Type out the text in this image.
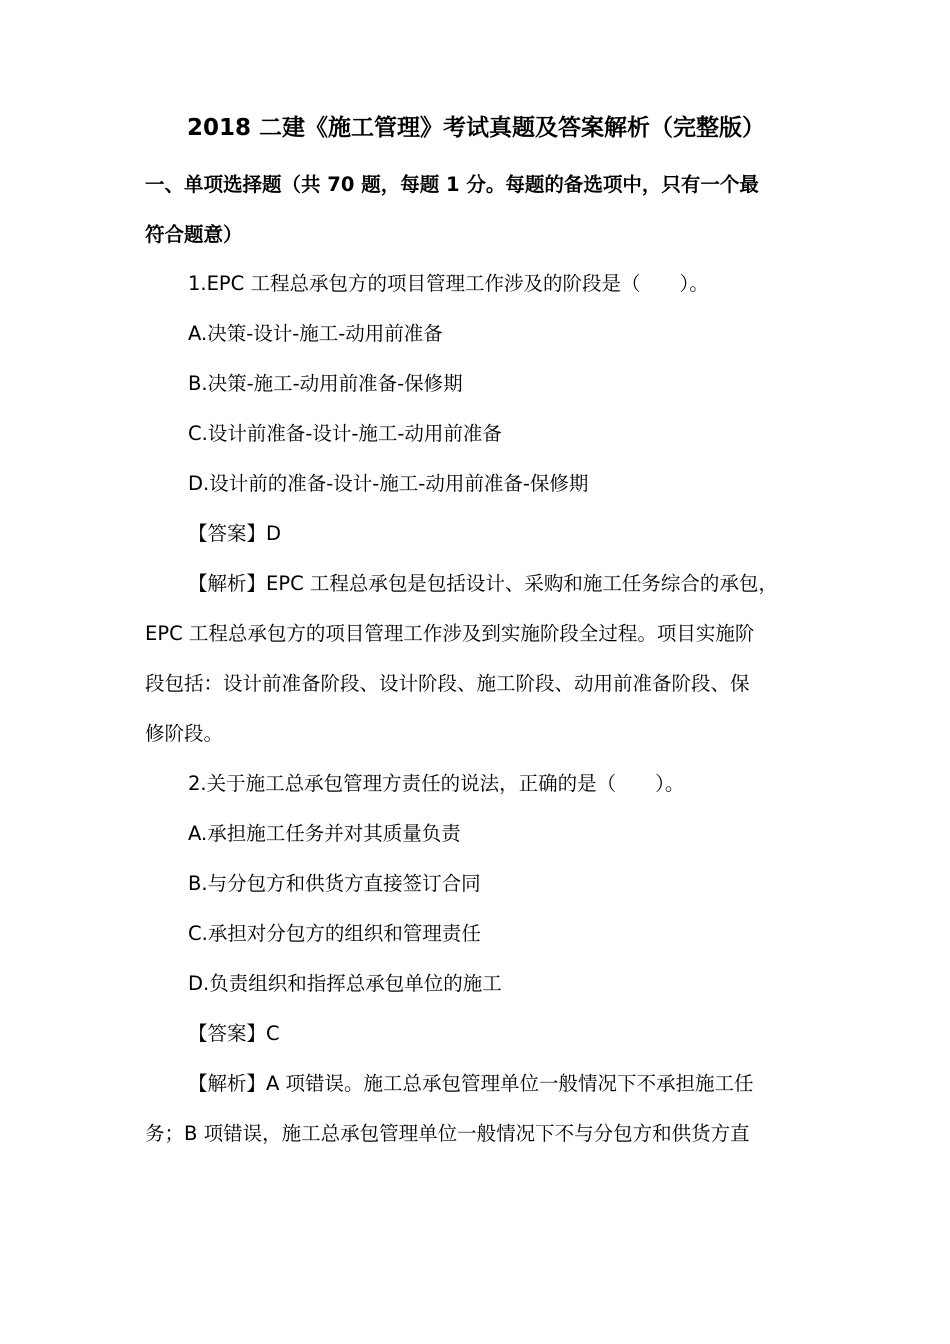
2018 二建《施工管理》考试真题及答案解析（完整版）
一、单项选择题（共 70 题，每题 1 分。每题的备选项中，只有一个最
符合题意）

1.EPC 工程总承包方的项目管理工作涉及的阶段是（　　）。

A.决策-设计-施工-动用前准备

B.决策-施工-动用前准备-保修期

C.设计前准备-设计-施工-动用前准备

D.设计前的准备-设计-施工-动用前准备-保修期

【答案】D

【解析】EPC 工程总承包是包括设计、采购和施工任务综合的承包，
EPC 工程总承包方的项目管理工作涉及到实施阶段全过程。项目实施阶
段包括：设计前准备阶段、设计阶段、施工阶段、动用前准备阶段、保
修阶段。

2.关于施工总承包管理方责任的说法，正确的是（　　）。

A.承担施工任务并对其质量负责

B.与分包方和供货方直接签订合同

C.承担对分包方的组织和管理责任

D.负责组织和指挥总承包单位的施工

【答案】C

【解析】A 项错误。施工总承包管理单位一般情况下不承担施工任
务；B 项错误，施工总承包管理单位一般情况下不与分包方和供货方直
